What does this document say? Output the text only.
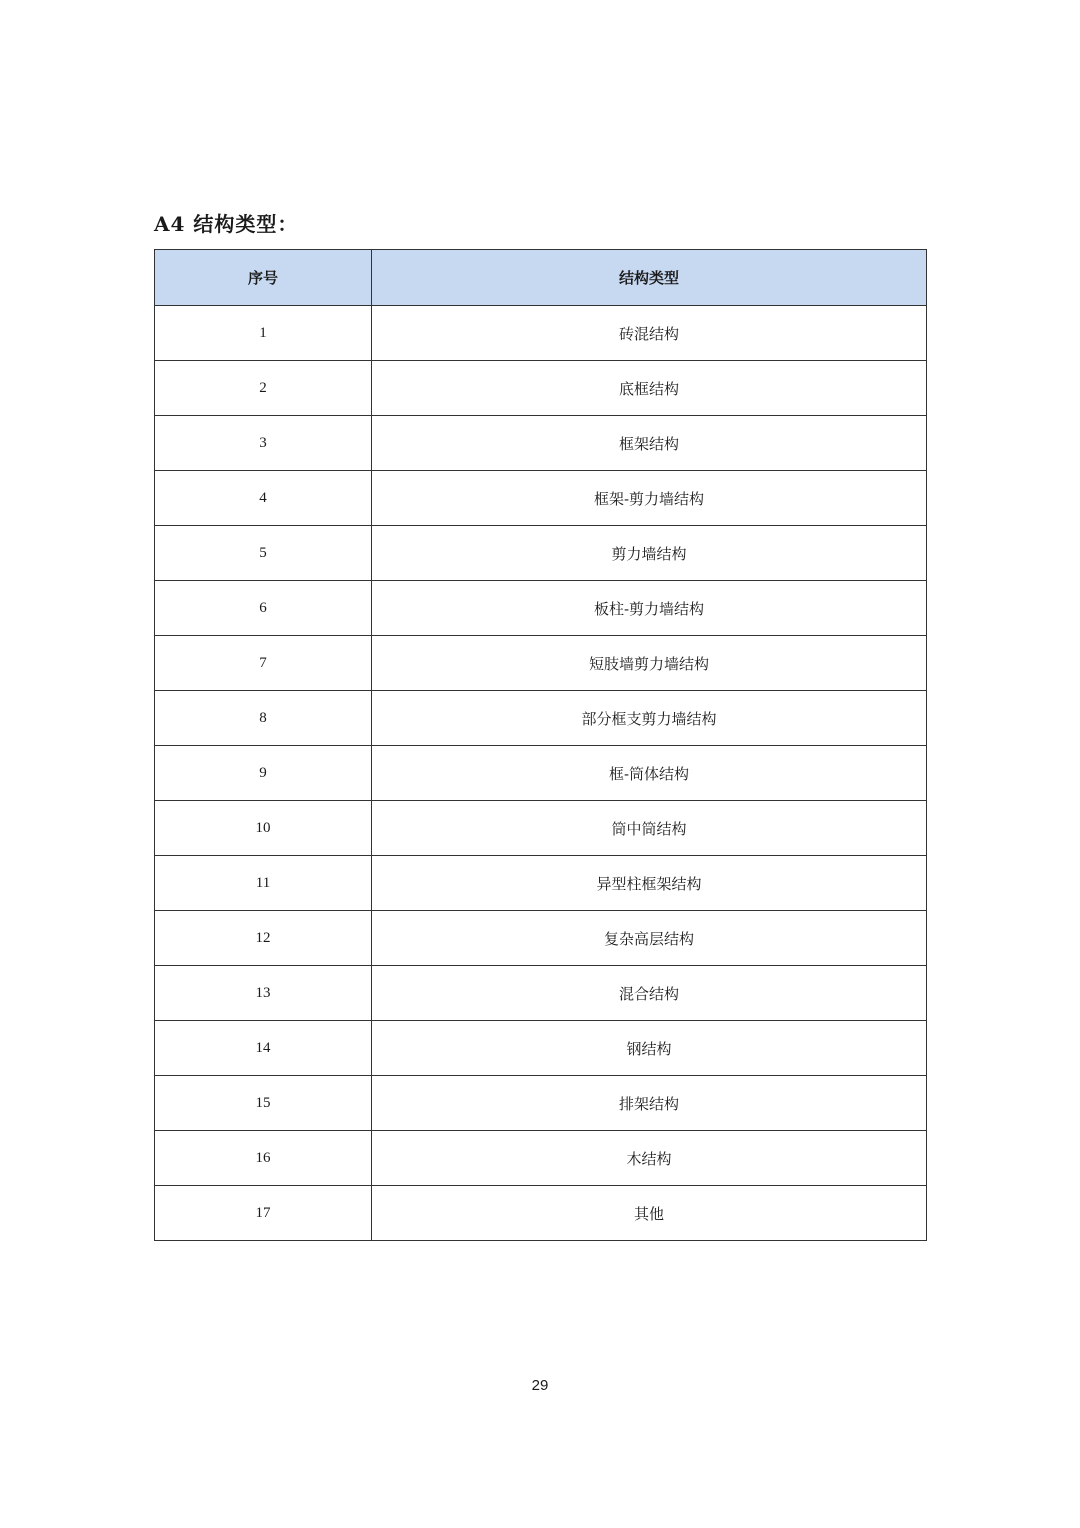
A4 结构类型：
序号	结构类型
1	砖混结构
2	底框结构
3	框架结构
4	框架-剪力墙结构
5	剪力墙结构
6	板柱-剪力墙结构
7	短肢墙剪力墙结构
8	部分框支剪力墙结构
9	框-筒体结构
10	筒中筒结构
11	异型柱框架结构
12	复杂高层结构
13	混合结构
14	钢结构
15	排架结构
16	木结构
17	其他
29
